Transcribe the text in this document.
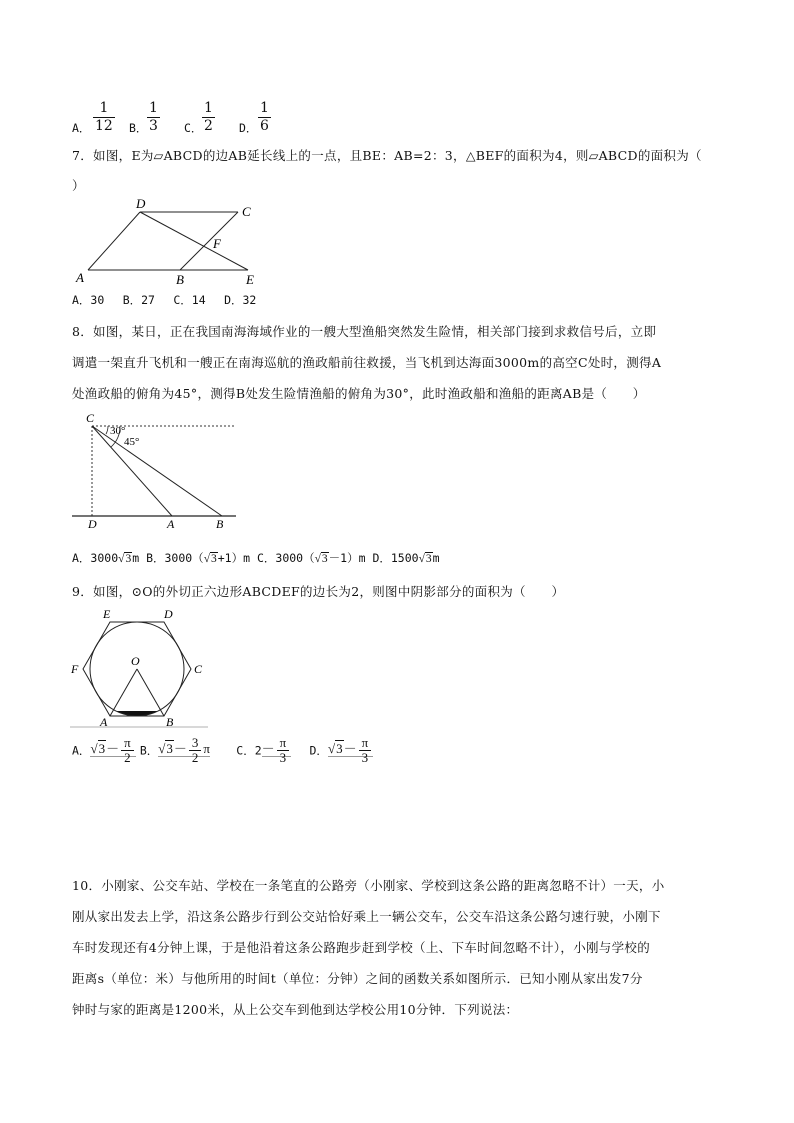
A． $\frac{1}{12}$ B． $\frac{1}{3}$ C． $\frac{1}{2}$ D． $\frac{1}{6}$
7．如图，E为▱ABCD的边AB延长线上的一点，且BE：AB=2：3，△BEF的面积为4，则▱ABCD的面积为（
）
A	B
C
D
E
F
A．30　 B．27　 C．14　 D．32
8．如图，某日，正在我国南海海域作业的一艘大型渔船突然发生险情，相关部门接到求救信号后，立即
调遣一架直升飞机和一艘正在南海巡航的渔政船前往救援，当飞机到达海面3000m的高空C处时，测得A
处渔政船的俯角为45°，测得B处发生险情渔船的俯角为30°，此时渔政船和渔船的距离AB是（　　）
C
30°
45°
D	A	B
A．3000√3m B．3000（√3+1）m C．3000（√3－1）m D．1500√3m
9．如图，⊙O的外切正六边形ABCDEF的边长为2，则图中阴影部分的面积为（　　）
E	D
F	C
O
A	B
A．$√3- \frac{\pi}{2}$ B．$√3- \frac{3}{2}$ π C．$2- \frac{\pi}{3}$ D．$√3- \frac{\pi}{3}$
10．小刚家、公交车站、学校在一条笔直的公路旁（小刚家、学校到这条公路的距离忽略不计）一天，小
刚从家出发去上学，沿这条公路步行到公交站恰好乘上一辆公交车，公交车沿这条公路匀速行驶，小刚下
车时发现还有4分钟上课，于是他沿着这条公路跑步赶到学校（上、下车时间忽略不计），小刚与学校的
距离s（单位：米）与他所用的时间t（单位：分钟）之间的函数关系如图所示．已知小刚从家出发7分
钟时与家的距离是1200米，从上公交车到他到达学校公用10分钟．下列说法：
